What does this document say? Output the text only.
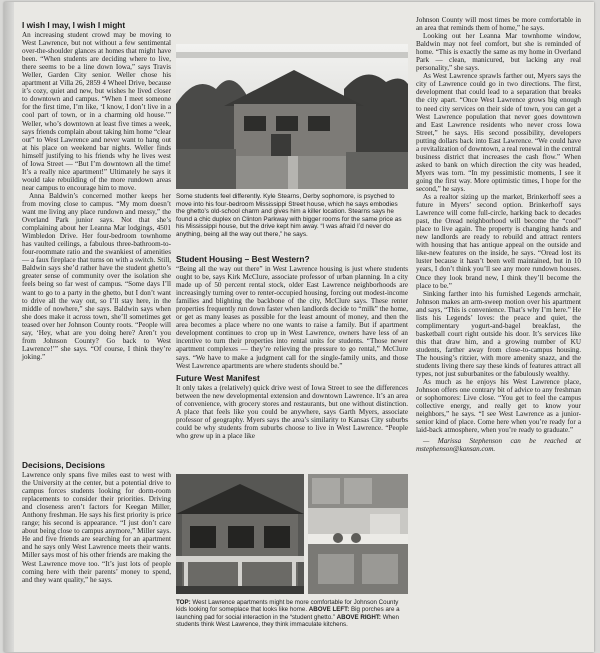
I wish I may, I wish I might

An increasing student crowd may be moving to West Lawrence, but not without a few sentimental over-the-shoulder glances at homes that might have been. “When students are deciding where to live, there seems to be a line down Iowa,” says Travis Weller, Garden City senior. Weller chose his apartment at Villa 26, 2859 4 Wheel Drive, because it’s cozy, quiet and new, but wishes he lived closer to downtown and campus. “When I meet someone for the first time, I’m like, ‘I know, I don’t live in a cool part of town, or in a charming old house.’” Weller, who’s downtown at least five times a week, says friends complain about taking him home “clear out” to West Lawrence and never want to hang out at his place on weekend bar nights. Weller finds himself justifying to his friends why he lives west of Iowa Street — “But I’m downtown all the time! It’s a really nice apartment!” Ultimately he says it would take rebuilding of the more rundown areas near campus to encourage him to move.

Anna Baldwin’s concerned mother keeps her from moving close to campus. “My mom doesn’t want me living any place rundown and messy,” the Overland Park junior says. Not that she’s complaining about her Leanna Mar lodgings, 4501 Wimbledon Drive. Her four-bedroom townhome has vaulted ceilings, a fabulous three-bathroom-to-four-roommate ratio and the swankiest of amenities — a faux fireplace that turns on with a switch. Still, Baldwin says she’d rather have the student ghetto’s greater sense of community over the isolation she feels being so far west of campus. “Some days I’ll want to go to a party in the ghetto, but I don’t want to drive all the way out, so I’ll stay here, in the middle of nowhere,” she says. Baldwin says when she does make it across town, she’ll sometimes get teased over her Johnson County roots. “People will say, ‘Hey, what are you doing here? Aren’t you from Johnson County? Go back to West Lawrence!’” she says. “Of course, I think they’re joking.”

Decisions, Decisions

Lawrence only spans five miles east to west with the University at the center, but a potential drive to campus forces students looking for dorm-room replacements to consider their priorities. Driving and closeness aren’t factors for Keegan Miller, Anthony freshman. He says his first priority is price range; his second is appearance. “I just don’t care about being close to campus anymore,” Miller says. He and five friends are searching for an apartment and he says only West Lawrence meets their wants. Miller says most of his other friends are making the West Lawrence move too. “It’s just lots of people coming here with their parents’ money to spend, and they want quality,” he says.

Some students feel differently. Kyle Stearns, Derby sophomore, is psyched to move into his four-bedroom Mississippi Street house, which he says embodies the ghetto’s old-school charm and gives him a killer location. Stearns says he found a chic duplex on Clinton Parkway with bigger rooms for the same price as his Mississippi house, but the drive kept him away. “I was afraid I’d never do anything, being all the way out there,” he says.
Student Housing – Best Western?

“Being all the way out there” in West Lawrence housing is just where students ought to be, says Kirk McClure, associate professor of urban planning. In a city made up of 50 percent rental stock, older East Lawrence neighborhoods are increasingly turning over to renter-occupied housing, forcing out modest-income families and blighting the backbone of the city, McClure says. These renter properties frequently run down faster when landlords decide to “milk” the home, or get as many leases as possible for the least amount of money, and then the area becomes a place where no one wants to raise a family. But if apartment development continues to crop up in West Lawrence, owners have less of an incentive to turn their properties into rental units for students. “Those newer apartment complexes — they’re relieving the pressure to go rental,” McClure says. “We have to make a judgment call for the single-family units, and those West Lawrence apartments are where students should be.”

Future West Manifest

It only takes a (relatively) quick drive west of Iowa Street to see the differences between the new developmental extension and downtown Lawrence. It’s an area of convenience, with grocery stores and restaurants, but one without distinction. A place that feels like you could be anywhere, says Garth Myers, associate professor of geography. Myers says the area’s similarity to Kansas City suburbs could be why students from suburbs choose to live in West Lawrence. “People who grew up in a place like

TOP: West Lawrence apartments might be more comfortable for Johnson County kids looking for someplace that looks like home. ABOVE LEFT: Big porches are a launching pad for social interaction in the “student ghetto.” ABOVE RIGHT: When students think West Lawrence, they think immaculate kitchens.

Johnson County will most times be more comfortable in an area that reminds them of home,” he says.

Looking out her Leanna Mar townhome window, Baldwin may not feel comfort, but she is reminded of home. “This is exactly the same as my home in Overland Park — clean, manicured, but lacking any real personality,” she says.

As West Lawrence sprawls farther out, Myers says the city of Lawrence could go in two directions. The first, development that could lead to a separation that breaks the city apart. “Once West Lawrence grows big enough to need city services on their side of town, you can get a West Lawrence population that never goes downtown and East Lawrence residents who never cross Iowa Street,” he says. His second possibility, developers putting dollars back into East Lawrence. “We could have a revitalization of downtown, a real renewal in the central business district that increases the cash flow.” When asked to bank on which direction the city was headed, Myers was torn. “In my pessimistic moments, I see it going the first way. More optimistic times, I hope for the second,” he says.

As a realtor sizing up the market, Brinkerhoff sees a future in Myers’ second option. Brinkerhoff says Lawrence will come full-circle, harking back to decades past, the Oread neighborhood will become the “cool” place to live again. The property is changing hands and new landlords are ready to rebuild and attract renters with housing that has antique appeal on the outside and like-new features on the inside, he says. “Oread lost its luster because it hasn’t been well maintained, but in 10 years, I don’t think you’ll see any more rundown houses. Once they look brand new, I think they’ll become the place to be.”

Sinking farther into his furnished Legends armchair, Johnson makes an arm-sweep motion over his apartment and says, “This is convenience. That’s why I’m here.” He lists his Legends’ loves: the peace and quiet, the complimentary yogurt-and-bagel breakfast, the basketball court right outside his door. It’s services like this that draw him, and a growing number of KU students, farther away from close-to-campus housing. The housing’s ritzier, with more amenity snazz, and the students living there say these kinds of features attract all types, not just suburbanites or the fabulously wealthy.

As much as he enjoys his West Lawrence place, Johnson offers one contrary bit of advice to any freshman or sophomores: Live close. “You get to feel the campus collective energy, and really get to know your neighbors,” he says. “I see West Lawrence as a junior-senior kind of place. Come here when you’re ready for a laid-back atmosphere, when you’re ready to graduate.”

— Marissa Stephenson can be reached at mstephenson@kansan.com.
